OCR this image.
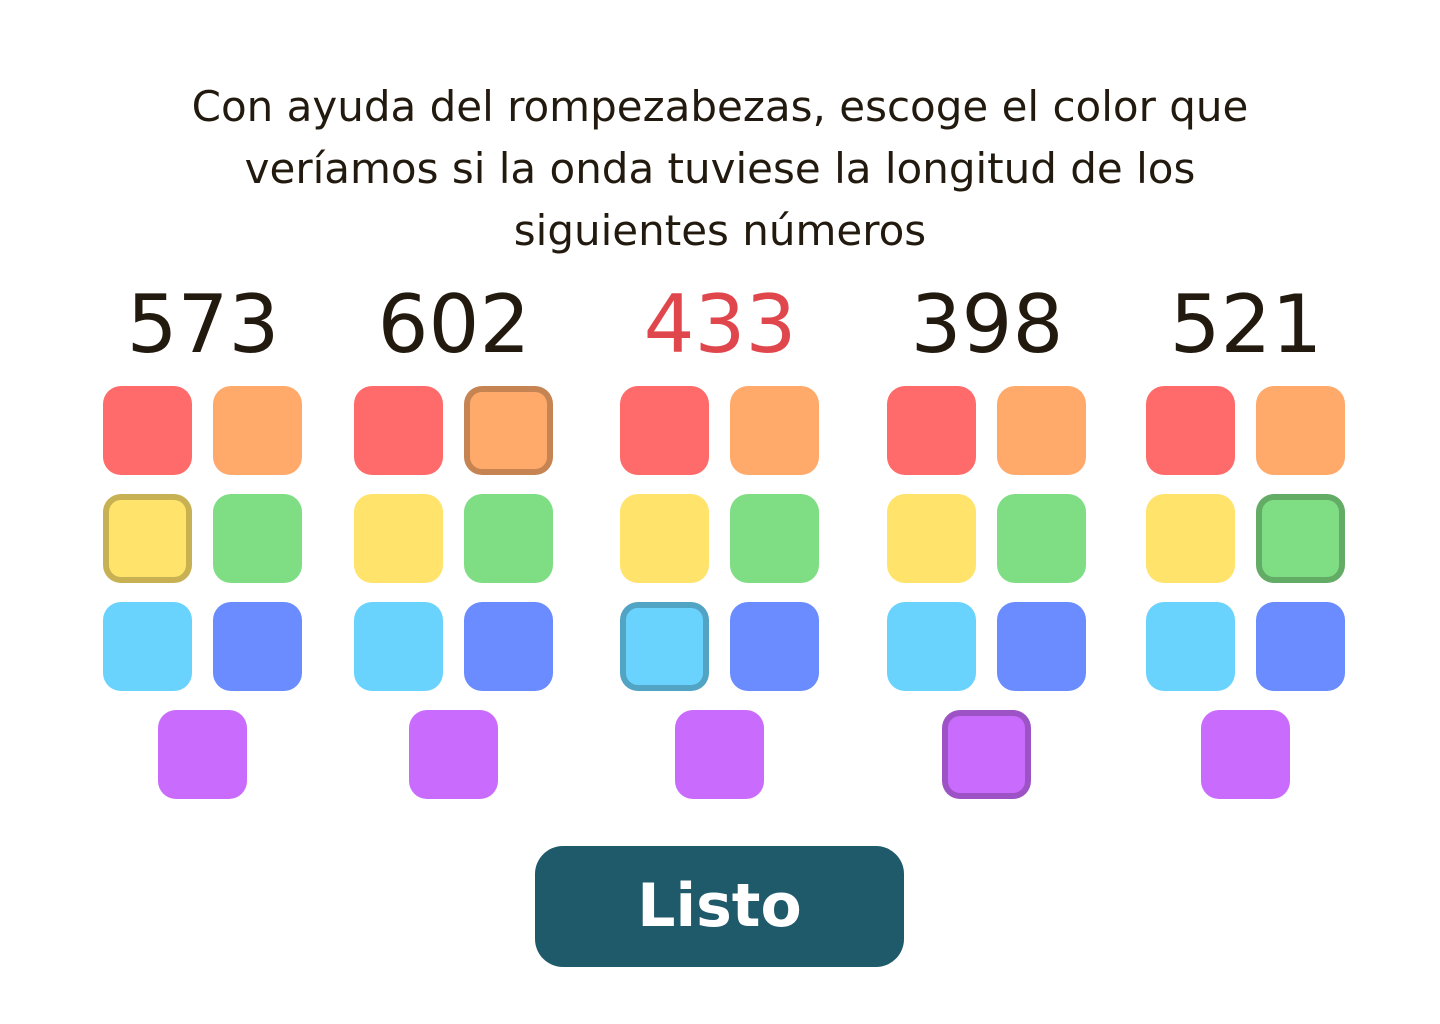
Con ayuda del rompezabezas, escoge el color que
veríamos si la onda tuviese la longitud de los
siguientes números
573 602 433 398 521
Listo
